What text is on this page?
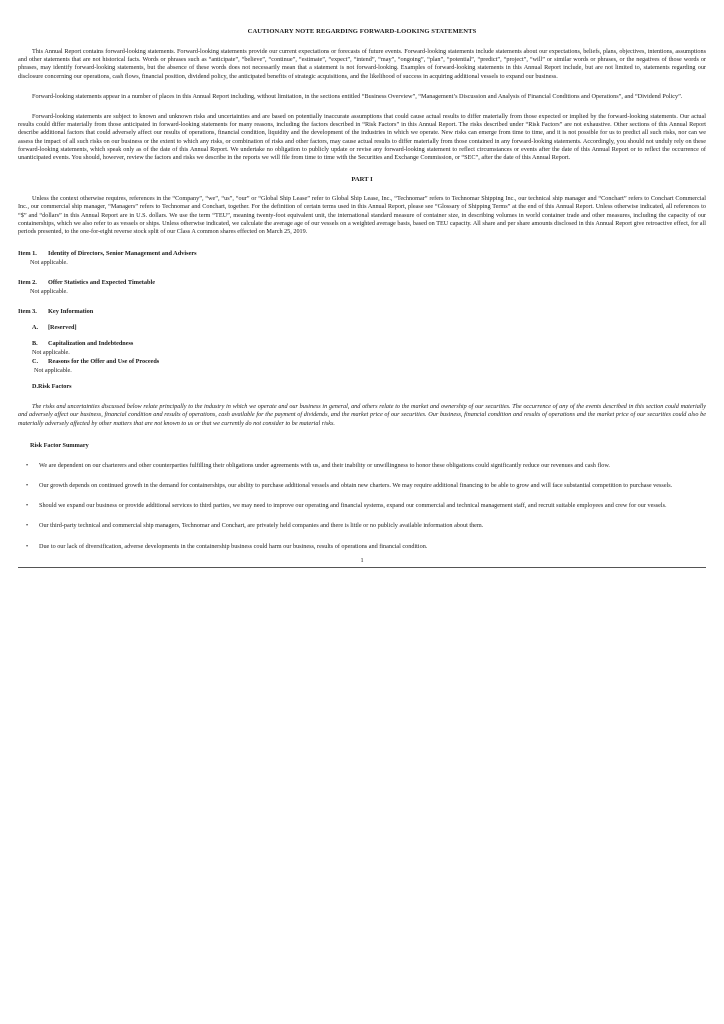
CAUTIONARY NOTE REGARDING FORWARD-LOOKING STATEMENTS

This Annual Report contains forward-looking statements. Forward-looking statements provide our current expectations or forecasts of future events. Forward-looking statements include statements about our expectations, beliefs, plans, objectives, intentions, assumptions and other statements that are not historical facts. Words or phrases such as “anticipate”, “believe”, “continue”, “estimate”, “expect”, “intend”, “may”, “ongoing”, “plan”, “potential”, “predict”, “project”, “will” or similar words or phrases, or the negatives of those words or phrases, may identify forward-looking statements, but the absence of these words does not necessarily mean that a statement is not forward-looking. Examples of forward-looking statements in this Annual Report include, but are not limited to, statements regarding our disclosure concerning our operations, cash flows, financial position, dividend policy, the anticipated benefits of strategic acquisitions, and the likelihood of success in acquiring additional vessels to expand our business.

Forward-looking statements appear in a number of places in this Annual Report including, without limitation, in the sections entitled “Business Overview”, “Management’s Discussion and Analysis of Financial Conditions and Operations”, and “Dividend Policy”.

Forward-looking statements are subject to known and unknown risks and uncertainties and are based on potentially inaccurate assumptions that could cause actual results to differ materially from those expected or implied by the forward-looking statements. Our actual results could differ materially from those anticipated in forward-looking statements for many reasons, including the factors described in “Risk Factors” in this Annual Report. The risks described under “Risk Factors” are not exhaustive. Other sections of this Annual Report describe additional factors that could adversely affect our results of operations, financial condition, liquidity and the development of the industries in which we operate. New risks can emerge from time to time, and it is not possible for us to predict all such risks, nor can we assess the impact of all such risks on our business or the extent to which any risks, or combination of risks and other factors, may cause actual results to differ materially from those contained in any forward-looking statements. Accordingly, you should not unduly rely on these forward-looking statements, which speak only as of the date of this Annual Report. We undertake no obligation to publicly update or revise any forward-looking statement to reflect circumstances or events after the date of this Annual Report or to reflect the occurrence of unanticipated events. You should, however, review the factors and risks we describe in the reports we will file from time to time with the Securities and Exchange Commission, or “SEC”, after the date of this Annual Report.

PART I

Unless the context otherwise requires, references in the “Company”, “we”, “us”, “our” or “Global Ship Lease” refer to Global Ship Lease, Inc., “Technomar” refers to Technomar Shipping Inc., our technical ship manager and “Conchart” refers to Conchart Commercial Inc., our commercial ship manager, “Managers” refers to Technomar and Conchart, together. For the definition of certain terms used in this Annual Report, please see “Glossary of Shipping Terms” at the end of this Annual Report. Unless otherwise indicated, all references to “$” and “dollars” in this Annual Report are in U.S. dollars. We use the term “TEU”, meaning twenty-foot equivalent unit, the international standard measure of container size, in describing volumes in world container trade and other measures, including the capacity of our containerships, which we also refer to as vessels or ships. Unless otherwise indicated, we calculate the average age of our vessels on a weighted average basis, based on TEU capacity. All share and per share amounts disclosed in this Annual Report give retroactive effect, for all periods presented, to the one-for-eight reverse stock split of our Class A common shares effected on March 25, 2019.

Item 1.	Identity of Directors, Senior Management and Advisers
Not applicable.
Item 2.	Offer Statistics and Expected Timetable
Not applicable.
Item 3.	Key Information
A.	[Reserved]
B.	Capitalization and Indebtedness
Not applicable.
C.	Reasons for the Offer and Use of Proceeds
Not applicable.
D.Risk Factors

The risks and uncertainties discussed below relate principally to the industry in which we operate and our business in general, and others relate to the market and ownership of our securities. The occurrence of any of the events described in this section could materially and adversely affect our business, financial condition and results of operations, cash available for the payment of dividends, and the market price of our securities. Our business, financial condition and results of operations and the market price of our securities could also be materially adversely affected by other matters that are not known to us or that we currently do not consider to be material risks.

Risk Factor Summary
• We are dependent on our charterers and other counterparties fulfilling their obligations under agreements with us, and their inability or unwillingness to honor these obligations could significantly reduce our revenues and cash flow.
• Our growth depends on continued growth in the demand for containerships, our ability to purchase additional vessels and obtain new charters. We may require additional financing to be able to grow and will face substantial competition to purchase vessels.
• Should we expand our business or provide additional services to third parties, we may need to improve our operating and financial systems, expand our commercial and technical management staff, and recruit suitable employees and crew for our vessels.
• Our third-party technical and commercial ship managers, Technomar and Conchart, are privately held companies and there is little or no publicly available information about them.
• Due to our lack of diversification, adverse developments in the containership business could harm our business, results of operations and financial condition.
1
